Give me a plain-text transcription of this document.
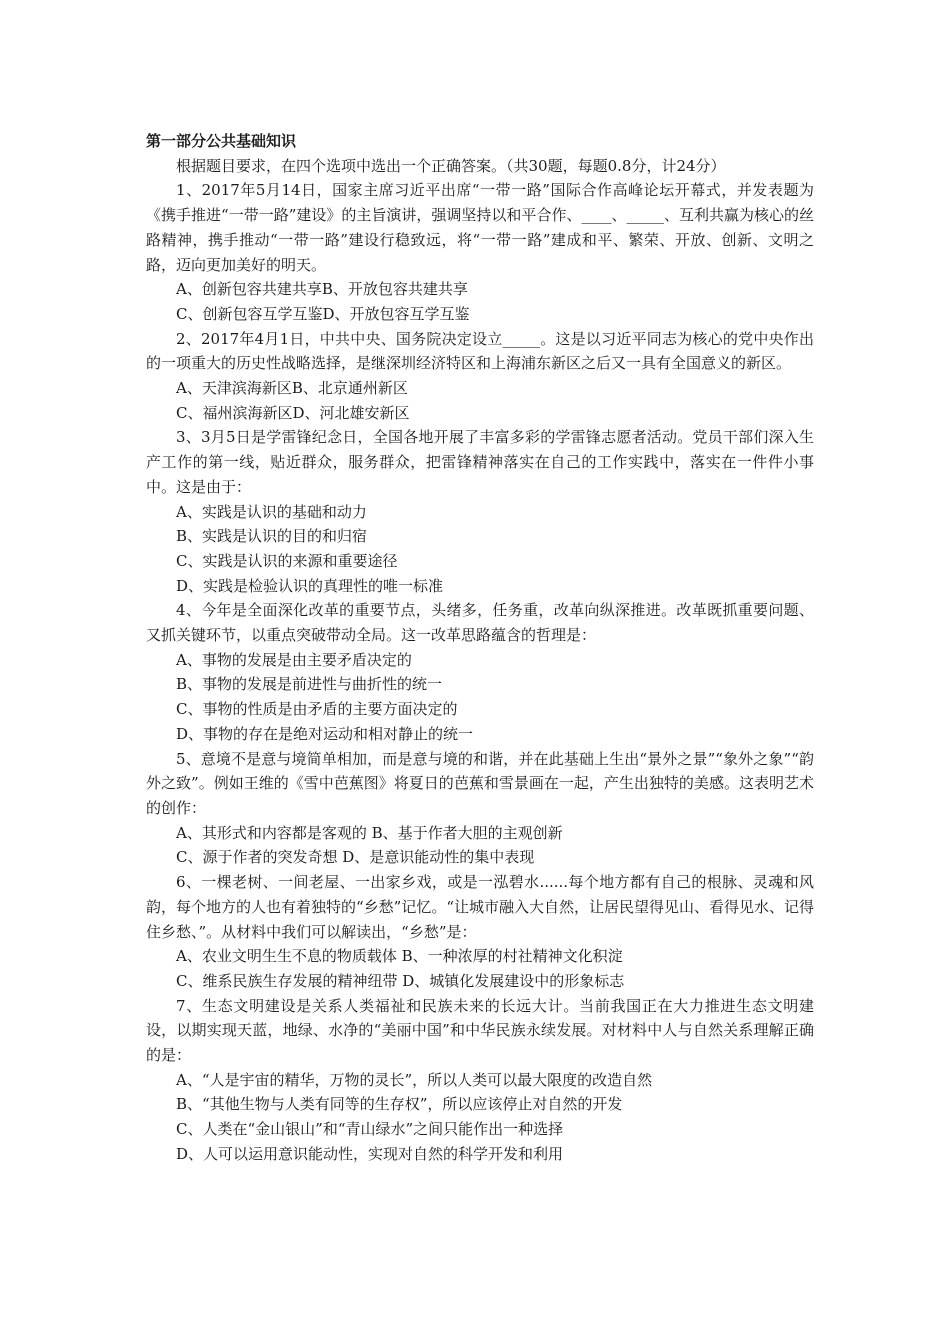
第一部分公共基础知识

根据题目要求，在四个选项中选出一个正确答案。（共30题，每题0.8分，计24分）

1、2017年5月14日，国家主席习近平出席“一带一路”国际合作高峰论坛开幕式，并发表题为《携手推进“一带一路”建设》的主旨演讲，强调坚持以和平合作、____、_____、互利共赢为核心的丝路精神，携手推动“一带一路”建设行稳致远，将“一带一路”建成和平、繁荣、开放、创新、文明之路，迈向更加美好的明天。

A、创新包容共建共享B、开放包容共建共享

C、创新包容互学互鉴D、开放包容互学互鉴

2、2017年4月1日，中共中央、国务院决定设立_____。这是以习近平同志为核心的党中央作出的一项重大的历史性战略选择，是继深圳经济特区和上海浦东新区之后又一具有全国意义的新区。

A、天津滨海新区B、北京通州新区

C、福州滨海新区D、河北雄安新区

3、3月5日是学雷锋纪念日，全国各地开展了丰富多彩的学雷锋志愿者活动。党员干部们深入生产工作的第一线，贴近群众，服务群众，把雷锋精神落实在自己的工作实践中，落实在一件件小事中。这是由于：

A、实践是认识的基础和动力

B、实践是认识的目的和归宿

C、实践是认识的来源和重要途径

D、实践是检验认识的真理性的唯一标准

4、今年是全面深化改革的重要节点，头绪多，任务重，改革向纵深推进。改革既抓重要问题、又抓关键环节，以重点突破带动全局。这一改革思路蕴含的哲理是：

A、事物的发展是由主要矛盾决定的

B、事物的发展是前进性与曲折性的统一

C、事物的性质是由矛盾的主要方面决定的

D、事物的存在是绝对运动和相对静止的统一

5、意境不是意与境简单相加，而是意与境的和谐，并在此基础上生出“景外之景”“象外之象”“韵外之致”。例如王维的《雪中芭蕉图》将夏日的芭蕉和雪景画在一起，产生出独特的美感。这表明艺术的创作：

A、其形式和内容都是客观的 B、基于作者大胆的主观创新

C、源于作者的突发奇想 D、是意识能动性的集中表现

6、一棵老树、一间老屋、一出家乡戏，或是一泓碧水......每个地方都有自己的根脉、灵魂和风韵，每个地方的人也有着独特的“乡愁”记忆。“让城市融入大自然，让居民望得见山、看得见水、记得住乡愁、”。从材料中我们可以解读出，“乡愁”是：

A、农业文明生生不息的物质载体 B、一种浓厚的村社精神文化积淀

C、维系民族生存发展的精神纽带 D、城镇化发展建设中的形象标志

7、生态文明建设是关系人类福祉和民族未来的长远大计。当前我国正在大力推进生态文明建设，以期实现天蓝，地绿、水净的“美丽中国”和中华民族永续发展。对材料中人与自然关系理解正确的是：

A、“人是宇宙的精华，万物的灵长”，所以人类可以最大限度的改造自然

B、“其他生物与人类有同等的生存权”，所以应该停止对自然的开发

C、人类在“金山银山”和“青山绿水”之间只能作出一种选择

D、人可以运用意识能动性，实现对自然的科学开发和利用
